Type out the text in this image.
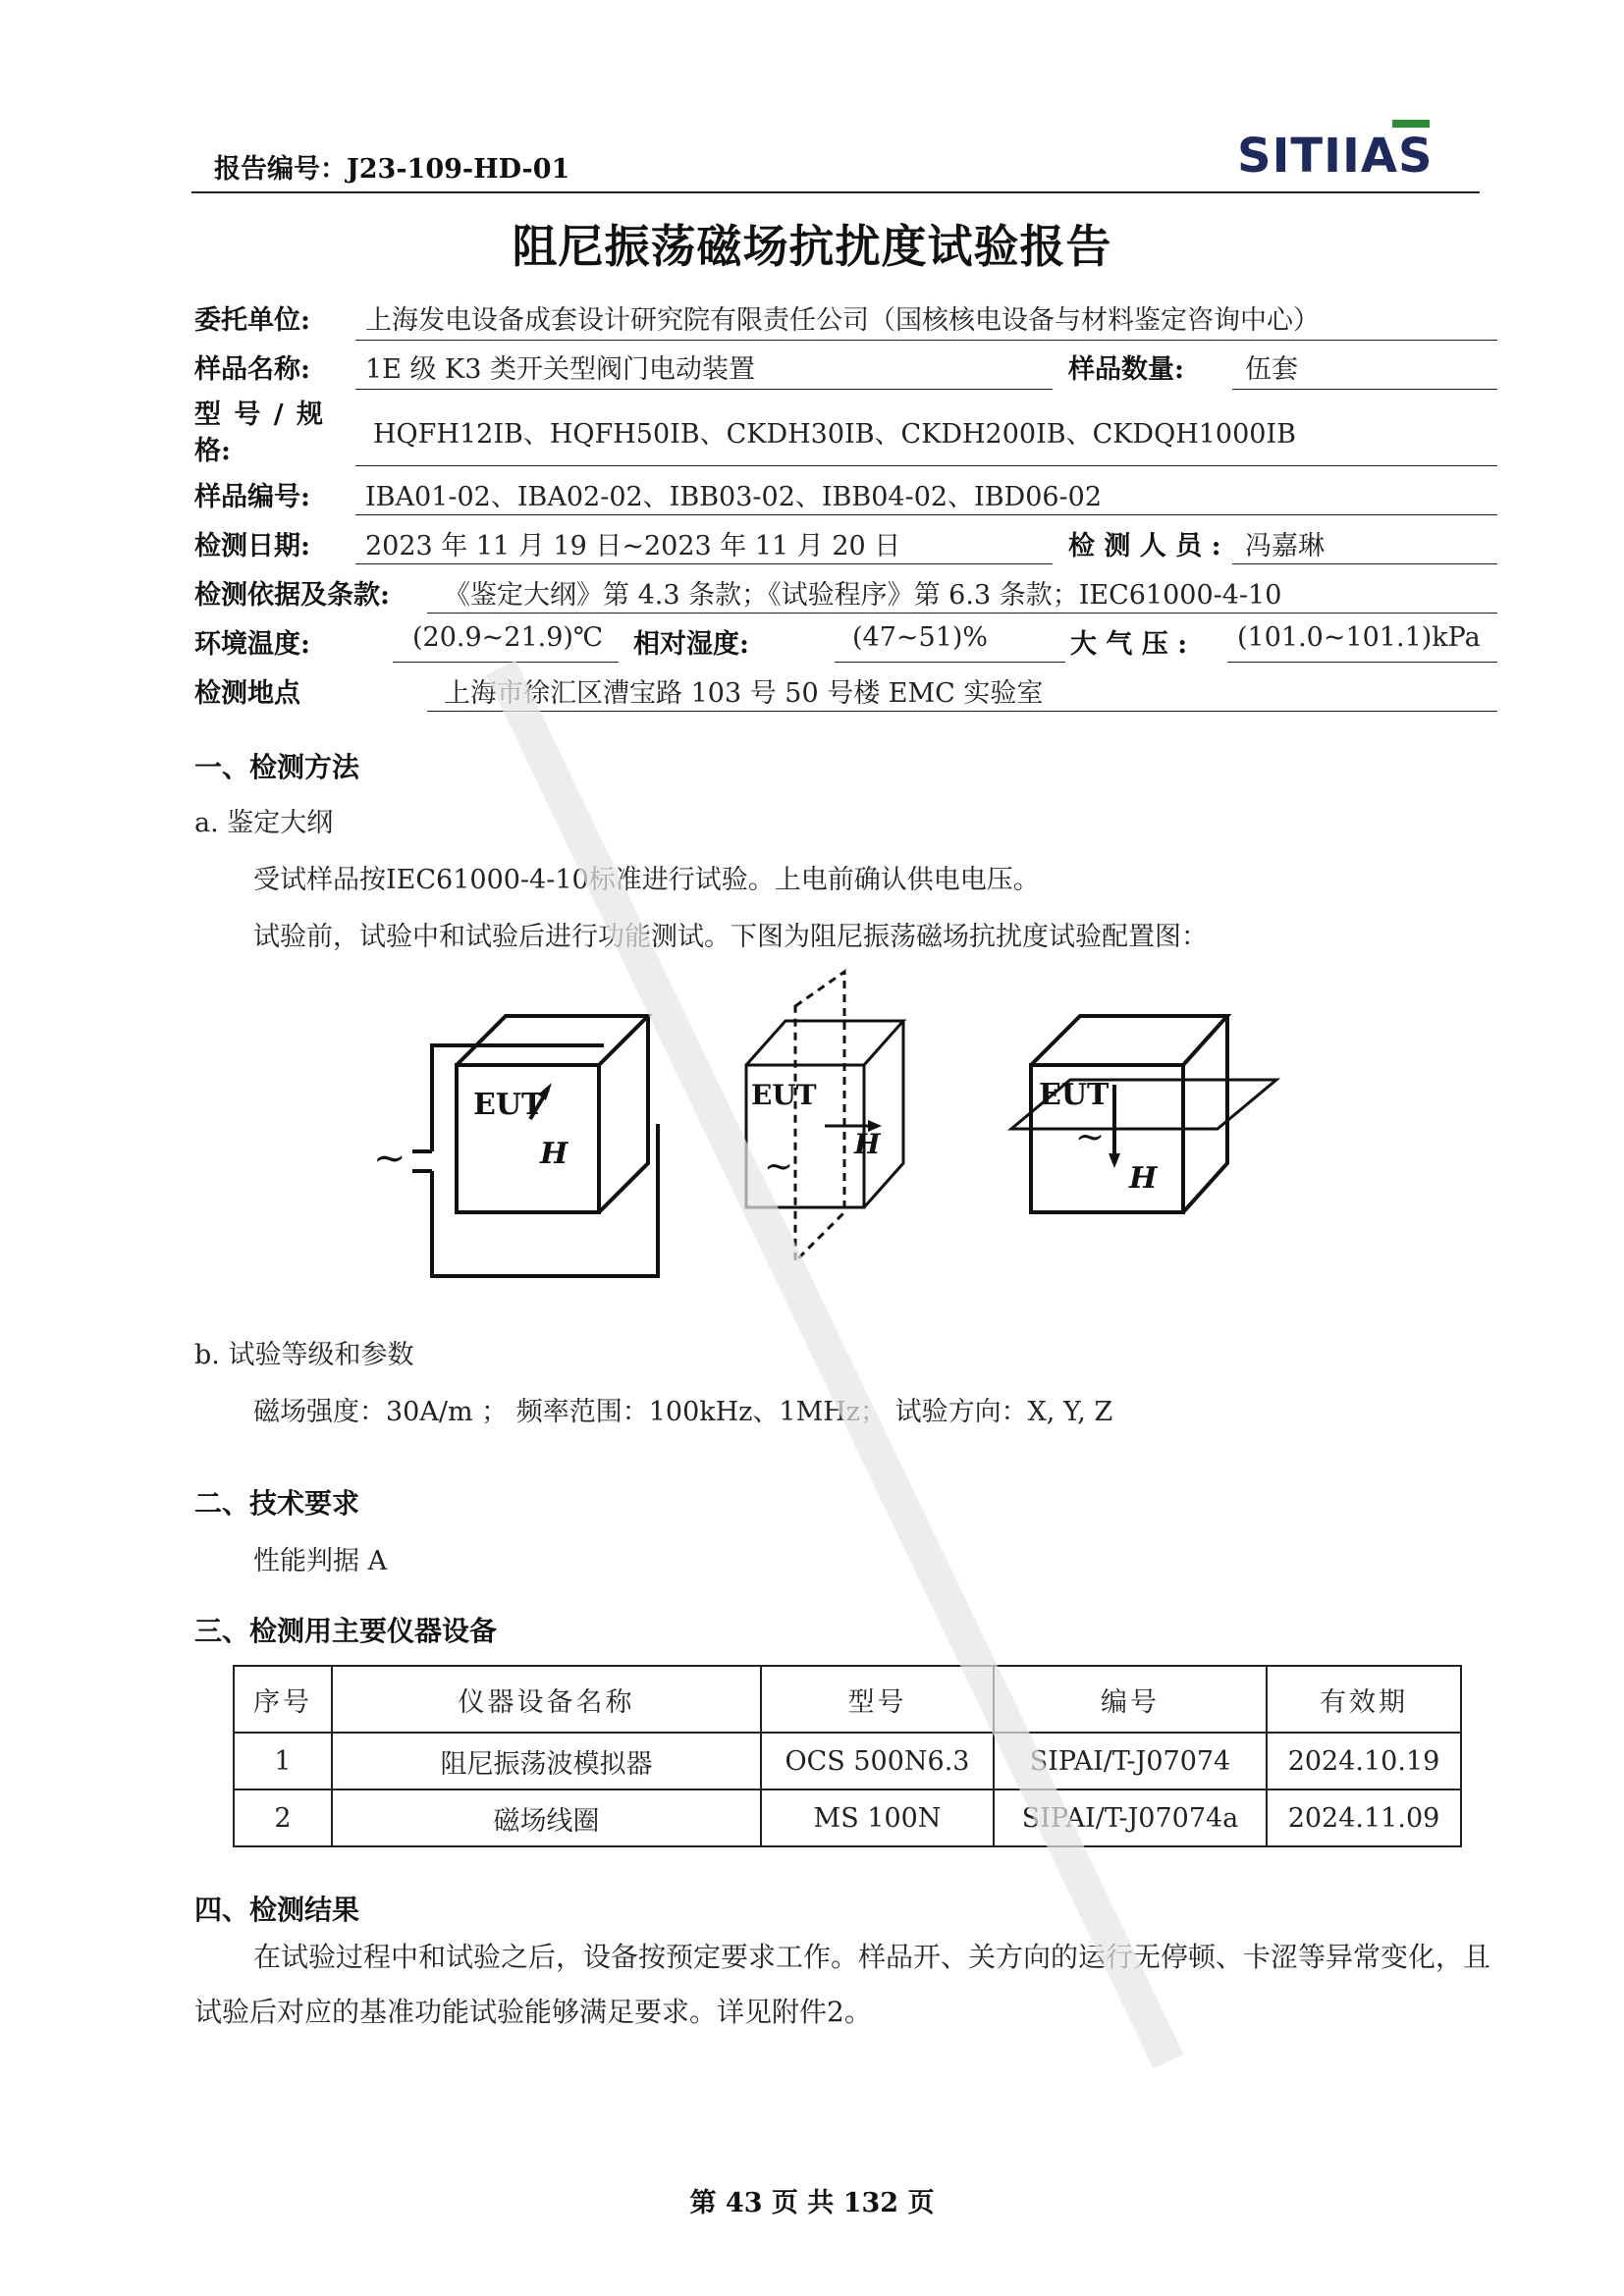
报告编号：J23-109-HD-01	SITIIAS
阻尼振荡磁场抗扰度试验报告
委托单位: 上海发电设备成套设计研究院有限责任公司（国核核电设备与材料鉴定咨询中心）
样品名称: 1E 级 K3 类开关型阀门电动装置	样品数量: 伍套
型 号 / 规
格:
HQFH12IB、HQFH50IB、CKDH30IB、CKDH200IB、CKDQH1000IB
样品编号: IBA01-02、IBA02-02、IBB03-02、IBB04-02、IBD06-02
检测日期: 2023 年 11 月 19 日~2023 年 11 月 20 日	检 测 人 员 : 冯嘉琳
检测依据及条款: 《鉴定大纲》第 4.3 条款；《试验程序》第 6.3 条款；IEC61000-4-10
环境温度:	(20.9~21.9)℃ 相对湿度:	(47~51)%	大 气 压 : (101.0~101.1)kPa
检测地点	上海市徐汇区漕宝路 103 号 50 号楼 EMC 实验室
一、检测方法
a. 鉴定大纲
受试样品按IEC61000-4-10标准进行试验。上电前确认供电电压。
试验前，试验中和试验后进行功能测试。下图为阻尼振荡磁场抗扰度试验配置图：
EUT
H
~
EUT
H
~
EUT
H
~
b. 试验等级和参数
磁场强度：30A/m ； 频率范围：100kHz、1MHz； 试验方向：X, Y, Z
二、技术要求
性能判据 A
三、检测用主要仪器设备
序号	仪器设备名称	型号	编号	有效期
1	阻尼振荡波模拟器	OCS 500N6.3	SIPAI/T-J07074	2024.10.19
2	磁场线圈	MS 100N	SIPAI/T-J07074a	2024.11.09
四、检测结果
在试验过程中和试验之后，设备按预定要求工作。样品开、关方向的运行无停顿、卡涩等异常变化，且试验后对应的基准功能试验能够满足要求。详见附件2。
第 43 页 共 132 页
